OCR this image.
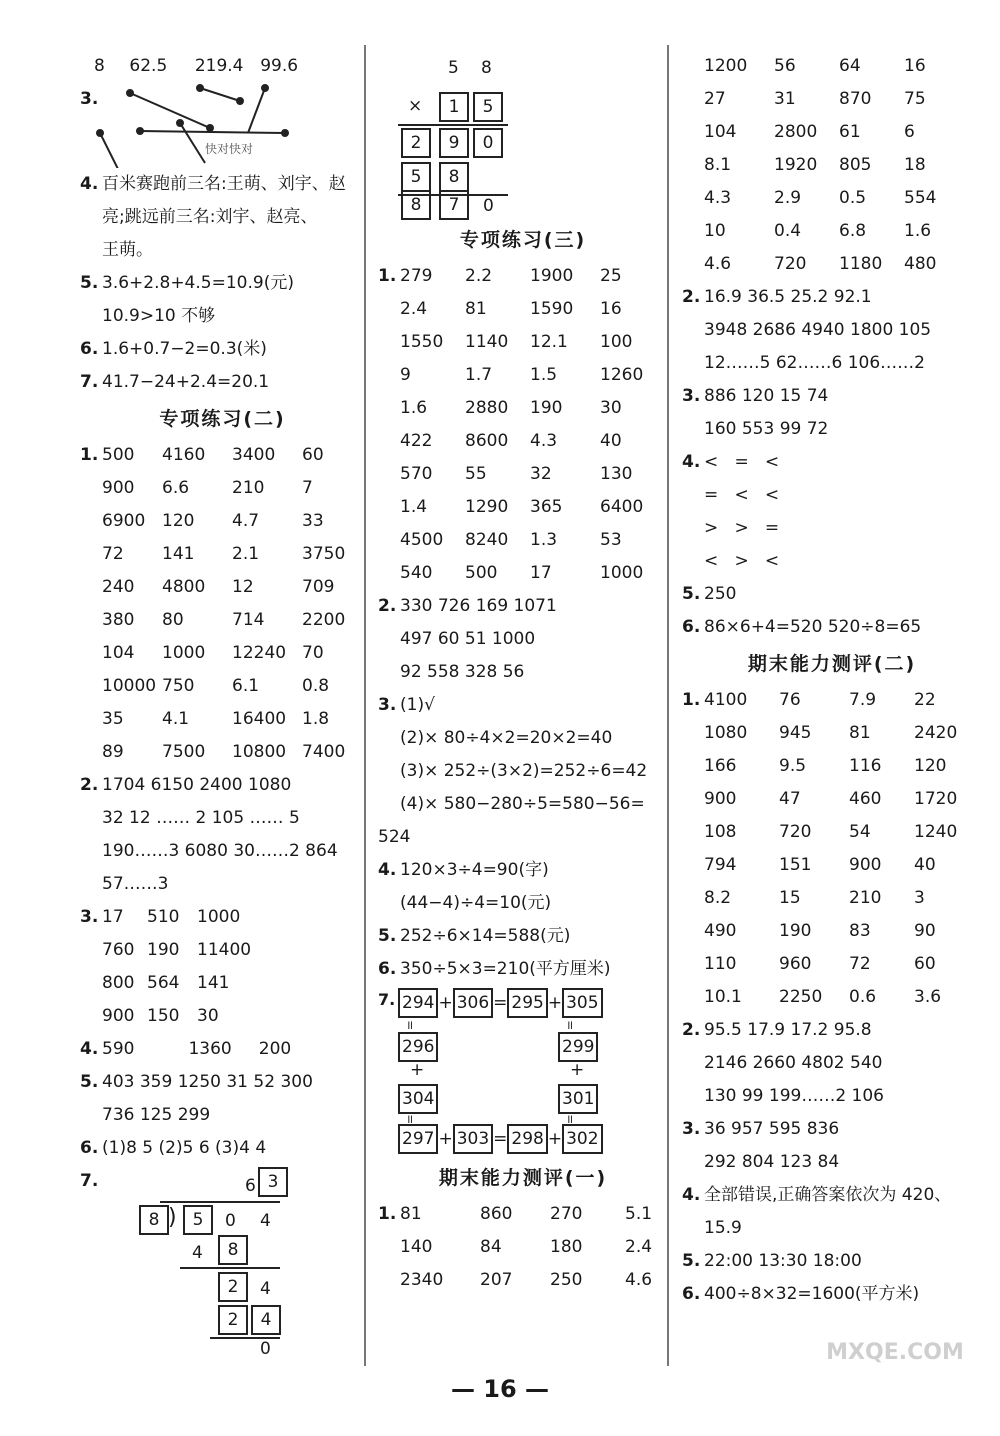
8 62.5 219.4 99.6
3.
快对快对
4. 百米赛跑前三名:王萌、刘宇、赵
亮;跳远前三名:刘宇、赵亮、
王萌。
5. 3.6+2.8+4.5=10.9(元)
10.9>10 不够
6. 1.6+0.7−2=0.3(米)
7. 41.7−24+2.4=20.1
专项练习(二)
1. 500 4160 3400 60
900 6.6	210 7
6900 120 4.7	33
72 141 2.1	3750
240 4800 12	709
380 80	714 2200
104 1000 12240 70
10000 750 6.1	0.8
35 4.1	16400 1.8
89 7500 10800 7400
2. 1704 6150 2400 1080
32 12 …… 2 105 …… 5
190……3 6080 30……2 864
57……3
3. 17 510 1000
760 190 11400
800 564 141
900 150 30
4. 590          1360     200
5. 403 359 1250 31 52 300
736 125 299
6. (1)8 5 (2)5 6 (3)4 4
7.	6 3
8 ) 5	0 4
4	8
2	4
2	4
0
5 8
×	1	5
2	9	0
5	8
8	7	0
专项练习(三)
1. 279 2.2 1900 25
2.4 81	1590 16
1550 1140 12.1 100
9	1.7 1.5	1260
1.6 2880 190 30
422 8600 4.3	40
570 55	32	130
1.4 1290 365 6400
4500 8240 1.3	53
540 500 17	1000
2. 330 726 169 1071
497 60 51 1000
92 558 328 56
3. (1)√
(2)× 80÷4×2=20×2=40
(3)× 252÷(3×2)=252÷6=42
(4)× 580−280÷5=580−56=
524
4. 120×3÷4=90(字)
(44−4)÷4=10(元)
5. 252÷6×14=588(元)
6. 350÷5×3=210(平方厘米)
7. 294 + 306 = 295 + 305
॥	॥
296	299
+	+
304	301
॥	॥
297 + 303 = 298 + 302
期末能力测评(一)
1. 81	860 270	5.1
140	84	180	2.4
2340 207 250	4.6
1200 56	64	16
27	31	870 75
104 2800 61	6
8.1	1920 805 18
4.3	2.9 0.5 554
10	0.4 6.8 1.6
4.6	720 1180 480
2. 16.9 36.5 25.2 92.1
3948 2686 4940 1800 105
12……5 62……6 106……2
3. 886 120 15 74
160 553 99 72
4. <   =   <
=   <   <
>   >   =
<   >   <
5. 250
6. 86×6+4=520 520÷8=65
期末能力测评(二)
1. 4100 76	7.9 22
1080 945 81	2420
166	9.5	116 120
900	47	460 1720
108	720 54	1240
794	151 900 40
8.2	15	210 3
490	190 83	90
110	960 72	60
10.1 2250 0.6 3.6
2. 95.5 17.9 17.2 95.8
2146 2660 4802 540
130 99 199……2 106
3. 36 957 595 836
292 804 123 84
4. 全部错误,正确答案依次为 420、
15.9
5. 22:00 13:30 18:00
6. 400÷8×32=1600(平方米)
— 16 —
MXQE.COM
